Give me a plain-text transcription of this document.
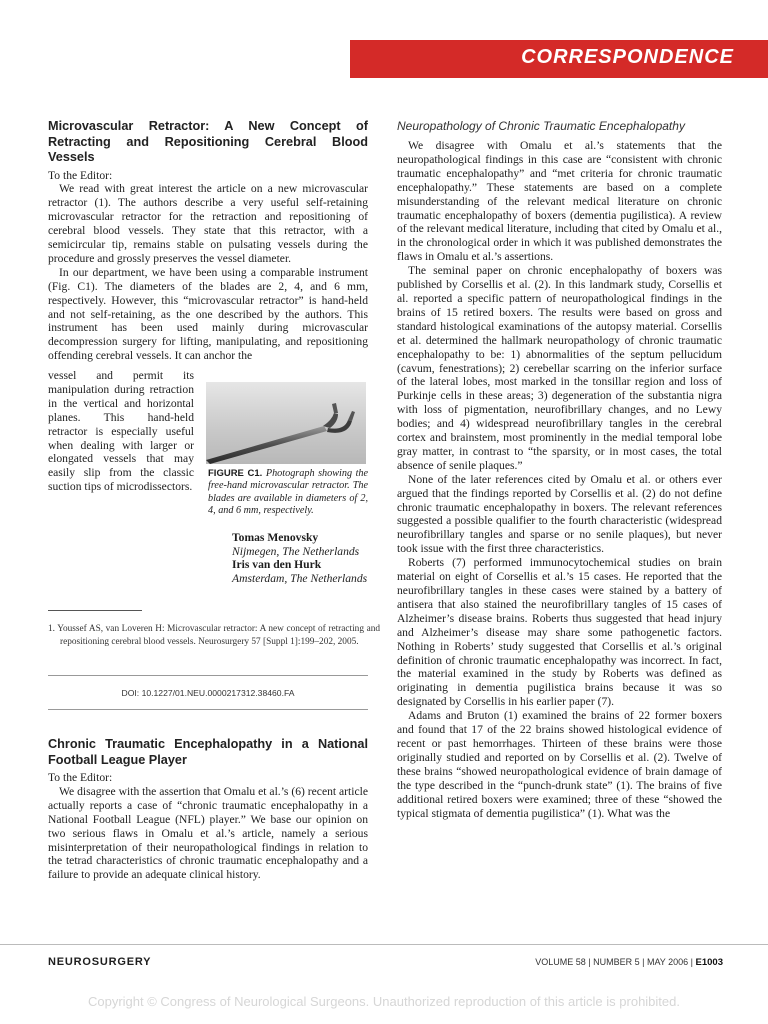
CORRESPONDENCE
Microvascular Retractor: A New Concept of Retracting and Repositioning Cerebral Blood Vessels
To the Editor:

We read with great interest the article on a new microvascular retractor (1). The authors describe a very useful self-retaining microvascular retractor for the retraction and repositioning of cerebral blood vessels. They state that this retractor, with a semicircular tip, remains stable on pulsating vessels during the procedure and grossly preserves the vessel diameter.

In our department, we have been using a comparable instrument (Fig. C1). The diameters of the blades are 2, 4, and 6 mm, respectively. However, this “microvascular retractor” is hand-held and not self-retaining, as the one described by the authors. This instrument has been used mainly during microvascular decompression surgery for lifting, manipulating, and repositioning offending cerebral vessels. It can anchor the

vessel and permit its manipulation during retraction in the vertical and horizontal planes. This hand-held retractor is especially useful when dealing with larger or elongated vessels that may easily slip from the classic suction tips of microdissectors.

FIGURE C1. Photograph showing the free-hand microvascular retractor. The blades are available in diameters of 2, 4, and 6 mm, respectively.
Tomas Menovsky
Nijmegen, The Netherlands
Iris van den Hurk
Amsterdam, The Netherlands
1. Youssef AS, van Loveren H: Microvascular retractor: A new concept of retracting and repositioning cerebral blood vessels. Neurosurgery 57 [Suppl 1]:199–202, 2005.
DOI: 10.1227/01.NEU.0000217312.38460.FA
Chronic Traumatic Encephalopathy in a National Football League Player
To the Editor:

We disagree with the assertion that Omalu et al.’s (6) recent article actually reports a case of “chronic traumatic encephalopathy in a National Football League (NFL) player.” We base our opinion on two serious flaws in Omalu et al.’s article, namely a serious misinterpretation of their neuropathological findings in relation to the tetrad characteristics of chronic traumatic encephalopathy and a failure to provide an adequate clinical history.

Neuropathology of Chronic Traumatic Encephalopathy

We disagree with Omalu et al.’s statements that the neuropathological findings in this case are “consistent with chronic traumatic encephalopathy” and “met criteria for chronic traumatic encephalopathy.” These statements are based on a complete misunderstanding of the relevant medical literature on chronic traumatic encephalopathy of boxers (dementia pugilistica). A review of the relevant medical literature, including that cited by Omalu et al., in the chronological order in which it was published demonstrates the flaws in Omalu et al.’s assertions.

The seminal paper on chronic encephalopathy of boxers was published by Corsellis et al. (2). In this landmark study, Corsellis et al. reported a specific pattern of neuropathological findings in the brains of 15 retired boxers. The results were based on gross and standard histological examinations of the autopsy material. Corsellis et al. determined the hallmark neuropathology of chronic traumatic encephalopathy to be: 1) abnormalities of the septum pellucidum (cavum, fenestrations); 2) cerebellar scarring on the inferior surface of the lateral lobes, most marked in the tonsillar region and loss of Purkinje cells in these areas; 3) degeneration of the substantia nigra with loss of pigmentation, neurofibrillary changes, and no Lewy bodies; and 4) widespread neurofibrillary tangles in the cerebral cortex and brainstem, most prominently in the medial temporal lobe gray matter, in contrast to “the sparsity, or in most cases, the total absence of senile plaques.”

None of the later references cited by Omalu et al. or others ever argued that the findings reported by Corsellis et al. (2) do not define chronic traumatic encephalopathy in boxers. The relevant references suggested a possible qualifier to the fourth characteristic (widespread neurofibrillary tangles and sparse or no senile plaques), but never took issue with the first three characteristics.

Roberts (7) performed immunocytochemical studies on brain material on eight of Corsellis et al.’s 15 cases. He reported that the neurofibrillary tangles in these cases were stained by a battery of antisera that also stained the neurofibrillary tangles of 15 cases of Alzheimer’s disease brains. Roberts thus suggested that head injury and Alzheimer’s disease may share some pathogenetic factors. Nothing in Roberts’ study suggested that Corsellis et al.’s original definition of chronic traumatic encephalopathy was incorrect. In fact, the material examined in the study by Roberts was defined as originating in dementia pugilistica brains because it was so designated by Corsellis in his earlier paper (7).

Adams and Bruton (1) examined the brains of 22 former boxers and found that 17 of the 22 brains showed histological evidence of recent or past hemorrhages. Thirteen of these brains were those originally studied and reported on by Corsellis et al. (2). Twelve of these brains “showed neuropathological evidence of brain damage of the type described in the “punch-drunk state” (1). The brains of five additional retired boxers were examined; three of these “showed the typical stigmata of dementia pugilistica” (1). What was the

NEUROSURGERY	VOLUME 58 | NUMBER 5 | MAY 2006 | E1003
Copyright © Congress of Neurological Surgeons. Unauthorized reproduction of this article is prohibited.
